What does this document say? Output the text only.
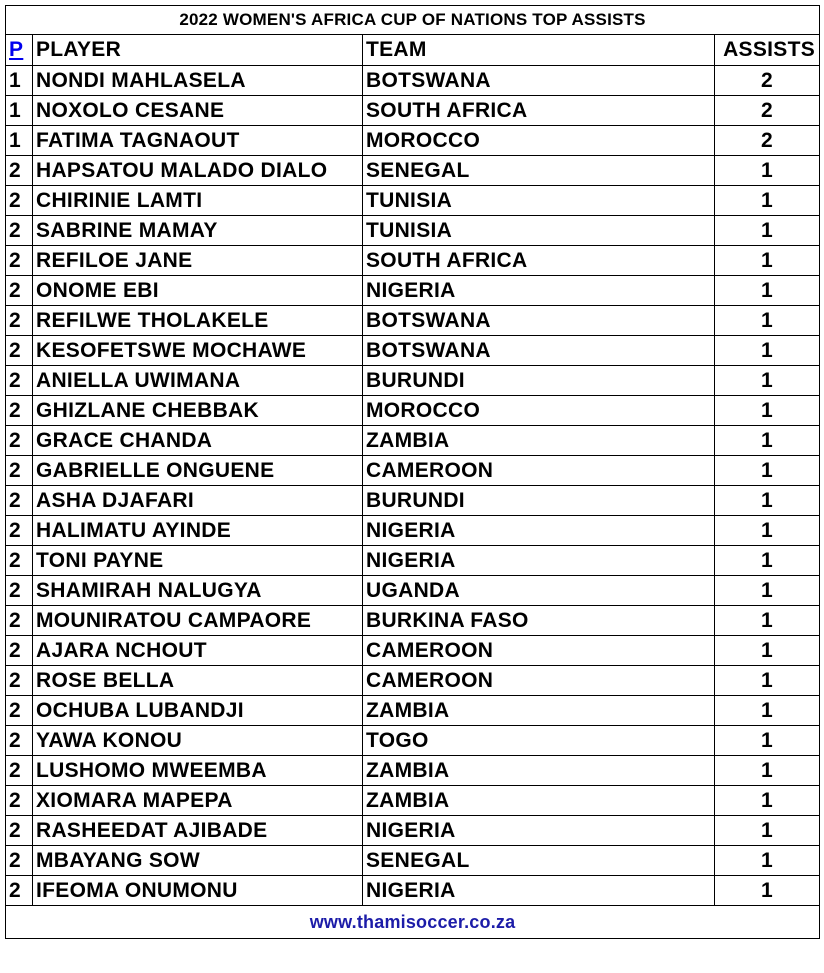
2022 WOMEN'S AFRICA CUP OF NATIONS TOP ASSISTS			
P	PLAYER	TEAM	ASSISTS
1	NONDI MAHLASELA	BOTSWANA	2
1	NOXOLO CESANE	SOUTH AFRICA	2
1	FATIMA TAGNAOUT	MOROCCO	2
2	HAPSATOU MALADO DIALO	SENEGAL	1
2	CHIRINIE LAMTI	TUNISIA	1
2	SABRINE MAMAY	TUNISIA	1
2	REFILOE JANE	SOUTH AFRICA	1
2	ONOME EBI	NIGERIA	1
2	REFILWE THOLAKELE	BOTSWANA	1
2	KESOFETSWE MOCHAWE	BOTSWANA	1
2	ANIELLA UWIMANA	BURUNDI	1
2	GHIZLANE CHEBBAK	MOROCCO	1
2	GRACE CHANDA	ZAMBIA	1
2	GABRIELLE ONGUENE	CAMEROON	1
2	ASHA DJAFARI	BURUNDI	1
2	HALIMATU AYINDE	NIGERIA	1
2	TONI PAYNE	NIGERIA	1
2	SHAMIRAH NALUGYA	UGANDA	1
2	MOUNIRATOU CAMPAORE	BURKINA FASO	1
2	AJARA NCHOUT	CAMEROON	1
2	ROSE BELLA	CAMEROON	1
2	OCHUBA LUBANDJI	ZAMBIA	1
2	YAWA KONOU	TOGO	1
2	LUSHOMO MWEEMBA	ZAMBIA	1
2	XIOMARA MAPEPA	ZAMBIA	1
2	RASHEEDAT AJIBADE	NIGERIA	1
2	MBAYANG SOW	SENEGAL	1
2	IFEOMA ONUMONU	NIGERIA	1
www.thamisoccer.co.za			
